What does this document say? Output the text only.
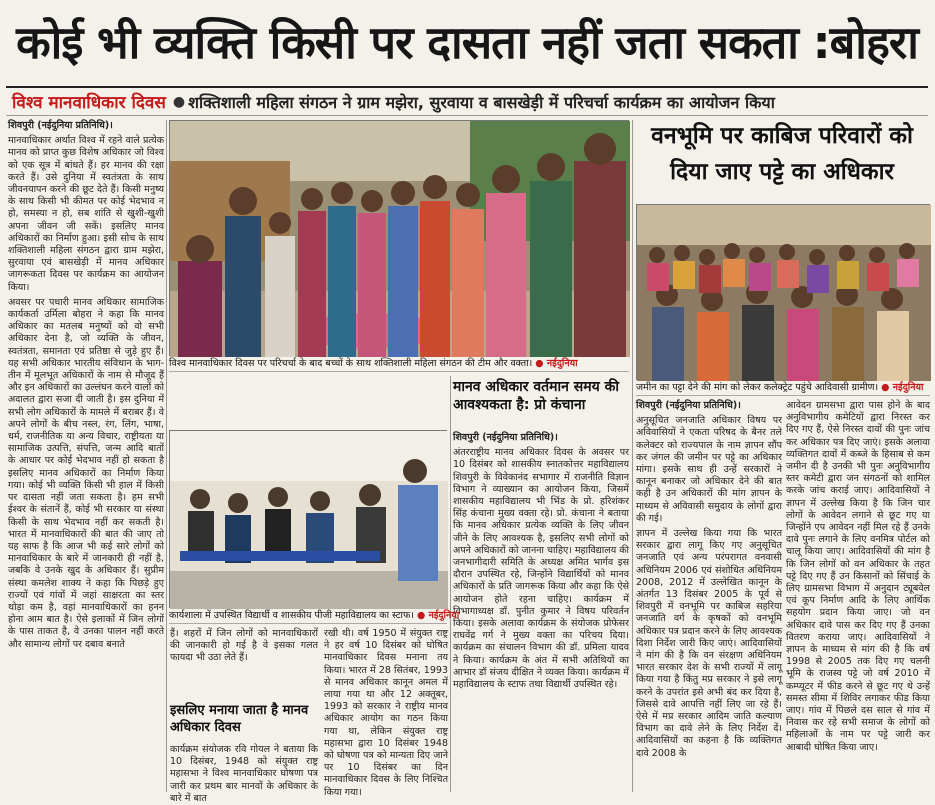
कोई भी व्यक्ति किसी पर दासता नहीं जता सकता :बोहरा
विश्व मानवाधिकार दिवस ● शक्तिशाली महिला संगठन ने ग्राम मझेरा, सुरवाया व बासखेड़ी में परिचर्चा कार्यक्रम का आयोजन किया

शिवपुरी (नईदुनिया प्रतिनिधि)।

मानवाधिकार अर्थात विश्व में रहने वाले प्रत्येक मानव को प्राप्त कुछ विशेष अधिकार जो विश्व को एक सूत्र में बांधते हैं। हर मानव की रक्षा करते हैं। उसे दुनिया में स्वतंत्रता के साथ जीवनयापन करने की छूट देते हैं। किसी मनुष्य के साथ किसी भी कीमत पर कोई भेदभाव न हो, समस्या न हो, सब शांति से खुशी-खुशी अपना जीवन जी सकें। इसलिए मानव अधिकारों का निर्माण हुआ। इसी सोच के साथ शक्तिशाली महिला संगठन द्वारा ग्राम मझेरा, सुरवाया एवं बासखेड़ी में मानव अधिकार जागरूकता दिवस पर कार्यक्रम का आयोजन किया।

अवसर पर पधारी मानव अधिकार सामाजिक कार्यकर्ता उर्मिला बोहरा ने कहा कि मानव अधिकार का मतलब मनुष्यों को वो सभी अधिकार देना है, जो व्यक्ति के जीवन, स्वतंत्रता, समानता एवं प्रतिष्ठा से जुड़े हुए हैं। यह सभी अधिकार भारतीय संविधान के भाग-तीन में मूलभूत अधिकारों के नाम से मौजूद हैं और इन अधिकारों का उल्लंघन करने वालों को अदालत द्वारा सजा दी जाती है। इस दुनिया में सभी लोग अधिकारों के मामले में बराबर हैं। वे अपने लोगों के बीच नस्ल, रंग, लिंग, भाषा, धर्म, राजनीतिक या अन्य विचार, राष्ट्रीयता या सामाजिक उत्पत्ति, संपत्ति, जन्म आदि बातों के आधार पर कोई भेदभाव नहीं हो सकता है इसलिए मानव अधिकारों का निर्माण किया गया। कोई भी व्यक्ति किसी भी हाल में किसी पर दासता नहीं जता सकता है। हम सभी ईश्वर के संतानें हैं, कोई भी सरकार या संस्था किसी के साथ भेदभाव नहीं कर सकती है। भारत में मानवाधिकारों की बात की जाए तो यह साफ है कि आज भी कई सारे लोगों को मानवाधिकार के बारे में जानकारी ही नहीं है, जबकि वे उनके खुद के अधिकार हैं। सुप्रीम संस्था कमलेश शाक्य ने कहा कि पिछड़े हुए राज्यों एवं गांवों में जहां साक्षरता का स्तर थोड़ा कम है, वहां मानवाधिकारों का हनन होना आम बात है। ऐसे इलाकों में जिन लोगों के पास ताकत है, वे उनका पालन नहीं करते और सामान्य लोगों पर दबाव बनाते

विश्व मानवाधिकार दिवस पर परिचर्चा के बाद बच्चों के साथ शक्तिशाली महिला संगठन की टीम और वक्ता। ● नईदुनिया
वनभूमि पर काबिज परिवारों को दिया जाए पट्टे का अधिकार
जमीन का पट्टा देने की मांग को लेकर कलेक्ट्रेट पहुंचे आदिवासी ग्रामीण। ● नईदुनिया

शिवपुरी (नईदुनिया प्रतिनिधि)।

अनुसूचित जनजाति अधिकार विषय पर अविवासियों ने एकता परिषद के बैनर तले कलेक्टर को राज्यपाल के नाम ज्ञापन सौंप कर जंगल की जमीन पर पट्टे का अधिकार मांगा। इसके साथ ही उन्हें सरकारों ने कानून बनाकर जो अधिकार देने की बात कही है उन अधिकारों की मांग ज्ञापन के माध्यम से अविवासी समुदाय के लोगों द्वारा की गई।

ज्ञापन में उल्लेख किया गया कि भारत सरकार द्वारा लागू किए गए अनुसूचित जनजाति एवं अन्य परंपरागत वनवासी अधिनियम 2006 एवं संशोधित अधिनियम 2008, 2012 में उल्लेखित कानून के अंतर्गत 13 दिसंबर 2005 के पूर्व से शिवपुरी में वनभूमि पर काबिज सहरिया जनजाति वर्ग के कृषकों को वनभूमि अधिकार पत्र प्रदान करने के लिए आवश्यक दिशा निर्देश जारी किए जाएं। आदिवासियों ने मांग की है कि वन संरक्षण अधिनियम भारत सरकार देश के सभी राज्यों में लागू किया गया है किंतु मप्र सरकार ने इसे लागू करने के उपरांत इसे अभी बंद कर दिया है, जिससे दावे आपत्ति नहीं लिए जा रहे हैं। ऐसे में मप्र सरकार आदिम जाति कल्याण विभाग का दावे लेने के लिए निर्देश दें। आदिवासियों का कहना है कि व्यक्तिगत दावे 2008 के

आवेदन ग्रामसभा द्वारा पास होने के बाद अनुविभागीय कमेटियों द्वारा निरस्त कर दिए गए हैं, ऐसे निरस्त दावों की पुनः जांच कर अधिकार पत्र दिए जाएं। इसके अलावा व्यक्तिगत दावों में कब्जे के हिसाब से कम जमीन दी है उनकी भी पुनः अनुविभागीय स्तर कमेटी द्वारा जन संगठनों को शामिल करके जांच कराई जाए। आदिवासियों ने ज्ञापन में उल्लेख किया है कि जिन चार लोगों के आवेदन लगाने से छूट गए या जिन्होंने एप आवेदन नहीं मिल रहे हैं उनके दावे पुनः लगाने के लिए वनमित्र पोर्टल को चालू किया जाए। आदिवासियों की मांग है कि जिन लोगों को वन अधिकार के तहत पट्टे दिए गए हैं उन किसानों को सिंचाई के लिए ग्रामसभा विभाग में अनुदान ट्यूबवेल एवं कूप निर्माण आदि के लिए आर्थिक सहयोग प्रदान किया जाए। जो वन अधिकार दावे पास कर दिए गए हैं उनका वितरण कराया जाए। आदिवासियों ने ज्ञापन के माध्यम से मांग की है कि वर्ष 1998 से 2005 तक दिए गए चलनी भूमि के राजस्व पट्टे जो वर्ष 2010 में कम्प्यूटर में फीड करने से छूट गए थे उन्हें समस्त सीमा में शिविर लगाकर फीड किया जाए। गांव में पिछले दस साल से गांव में निवास कर रहे सभी समाज के लोगों को महिलाओं के नाम पर पट्टे जारी कर आबादी घोषित किया जाए।

मानव अधिकार वर्तमान समय की आवश्यकता है: प्रो कंचाना

शिवपुरी (नईदुनिया प्रतिनिधि)।

अंतरराष्ट्रीय मानव अधिकार दिवस के अवसर पर 10 दिसंबर को शासकीय स्नातकोत्तर महाविद्यालय शिवपुरी के विवेकानंद सभागार में राजनीति विज्ञान विभाग ने व्याख्यान का आयोजन किया, जिसमें शासकीय महाविद्यालय भी भिंड के प्रो. हरिशंकर सिंह कंचाना मुख्य वक्ता रहे। प्रो. कंचाना ने बताया कि मानव अधिकार प्रत्येक व्यक्ति के लिए जीवन जीने के लिए आवश्यक है, इसलिए सभी लोगों को अपने अधिकारों को जानना चाहिए। महाविद्यालय की जनभागीदारी समिति के अध्यक्ष अमित भार्गव इस दौरान उपस्थित रहे, जिन्होंने विद्यार्थियों को मानव अधिकारों के प्रति जागरूक किया और कहा कि ऐसे आयोजन होते रहना चाहिए। कार्यक्रम में विभागाध्यक्ष डॉ. पुनीत कुमार ने विषय परिवर्तन किया। इसके अलावा कार्यक्रम के संयोजक प्रोफेसर राघवेंद्र गर्ग ने मुख्य वक्ता का परिचय दिया। कार्यक्रम का संचालन विभाग की डॉ. प्रमिला यादव ने किया। कार्यक्रम के अंत में सभी अतिथियों का आभार डॉ संजय दीक्षित ने व्यक्त किया। कार्यक्रम में महाविद्यालय के स्टाफ तथा विद्यार्थी उपस्थित रहे।

कार्यशाला में उपस्थित विद्यार्थी व शासकीय पीजी महाविद्यालय का स्टाफ। ● नईदुनिया

हैं। शहरों में जिन लोगों को मानवाधिकारों की जानकारी हो गई है वे इसका गलत फायदा भी उठा लेते हैं।

इसलिए मनाया जाता है मानव अधिकार दिवस

कार्यक्रम संयोजक रवि गोयल ने बताया कि 10 दिसंबर, 1948 को संयुक्त राष्ट्र महासभा ने विश्व मानवाधिकार घोषणा पत्र जारी कर प्रथम बार मानवों के अधिकार के बारे में बात

रखी थी। वर्ष 1950 में संयुक्त राष्ट्र ने हर वर्ष 10 दिसंबर को घोषित मानवाधिकार दिवस मनाना तय किया। भारत में 28 सितंबर, 1993 से मानव अधिकार कानून अमल में लाया गया था और 12 अक्तूबर, 1993 को सरकार ने राष्ट्रीय मानव अधिकार आयोग का गठन किया गया था, लेकिन संयुक्त राष्ट्र महासभा द्वारा 10 दिसंबर 1948 को घोषणा पत्र को मान्यता दिए जाने पर 10 दिसंबर का दिन मानवाधिकार दिवस के लिए निश्चित किया गया।
